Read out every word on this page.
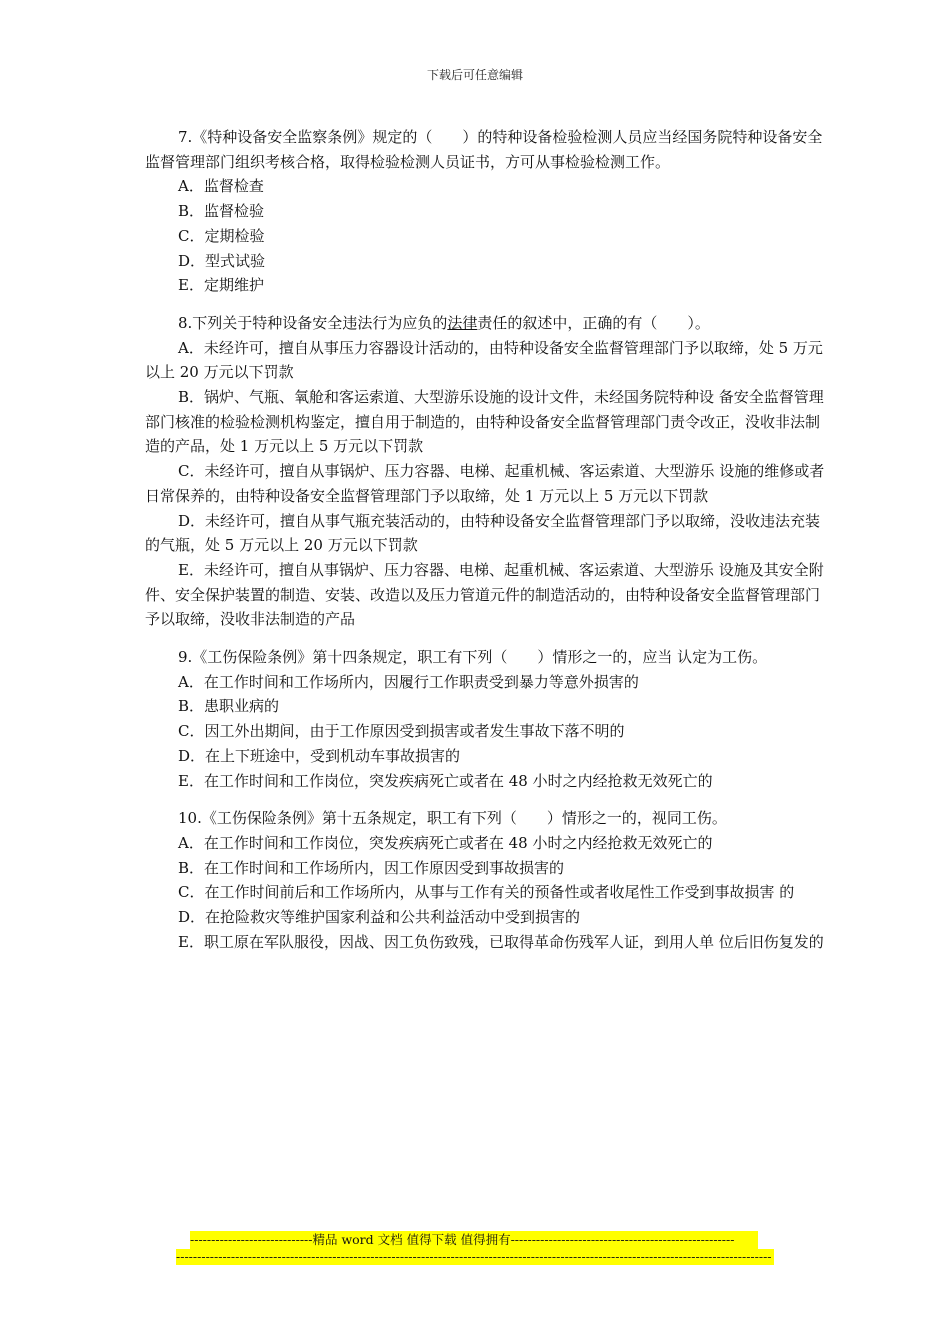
下载后可任意编辑
7.《特种设备安全监察条例》规定的（　　）的特种设备检验检测人员应当经国务院特种设备安全监督管理部门组织考核合格，取得检验检测人员证书，方可从事检验检测工作。
A．监督检查
B．监督检验
C．定期检验
D．型式试验
E．定期维护
8.下列关于特种设备安全违法行为应负的法律责任的叙述中，正确的有（　　）。
A．未经许可，擅自从事压力容器设计活动的，由特种设备安全监督管理部门予以取缔，处 5 万元以上 20 万元以下罚款
B．锅炉、气瓶、氧舱和客运索道、大型游乐设施的设计文件，未经国务院特种设 备安全监督管理部门核准的检验检测机构鉴定，擅自用于制造的，由特种设备安全监督管理部门责令改正，没收非法制造的产品，处 1 万元以上 5 万元以下罚款
C．未经许可，擅自从事锅炉、压力容器、电梯、起重机械、客运索道、大型游乐 设施的维修或者日常保养的，由特种设备安全监督管理部门予以取缔，处 1 万元以上 5 万元以下罚款
D．未经许可，擅自从事气瓶充装活动的，由特种设备安全监督管理部门予以取缔，没收违法充装的气瓶，处 5 万元以上 20 万元以下罚款
E．未经许可，擅自从事锅炉、压力容器、电梯、起重机械、客运索道、大型游乐 设施及其安全附件、安全保护装置的制造、安装、改造以及压力管道元件的制造活动的，由特种设备安全监督管理部门予以取缔，没收非法制造的产品
9.《工伤保险条例》第十四条规定，职工有下列（　　）情形之一的，应当 认定为工伤。
A．在工作时间和工作场所内，因履行工作职责受到暴力等意外损害的
B．患职业病的
C．因工外出期间，由于工作原因受到损害或者发生事故下落不明的
D．在上下班途中，受到机动车事故损害的
E．在工作时间和工作岗位，突发疾病死亡或者在 48 小时之内经抢救无效死亡的
10.《工伤保险条例》第十五条规定，职工有下列（　　）情形之一的，视同工伤。
A．在工作时间和工作岗位，突发疾病死亡或者在 48 小时之内经抢救无效死亡的
B．在工作时间和工作场所内，因工作原因受到事故损害的
C．在工作时间前后和工作场所内，从事与工作有关的预备性或者收尾性工作受到事故损害 的
D．在抢险救灾等维护国家利益和公共利益活动中受到损害的
E．职工原在军队服役，因战、因工负伤致残，已取得革命伤残军人证，到用人单 位后旧伤复发的
-----------------------------精品 word 文档 值得下载 值得拥有-----------------------------------------------------
---------------------------------------------------------------------------------------------------------------------------------------------
